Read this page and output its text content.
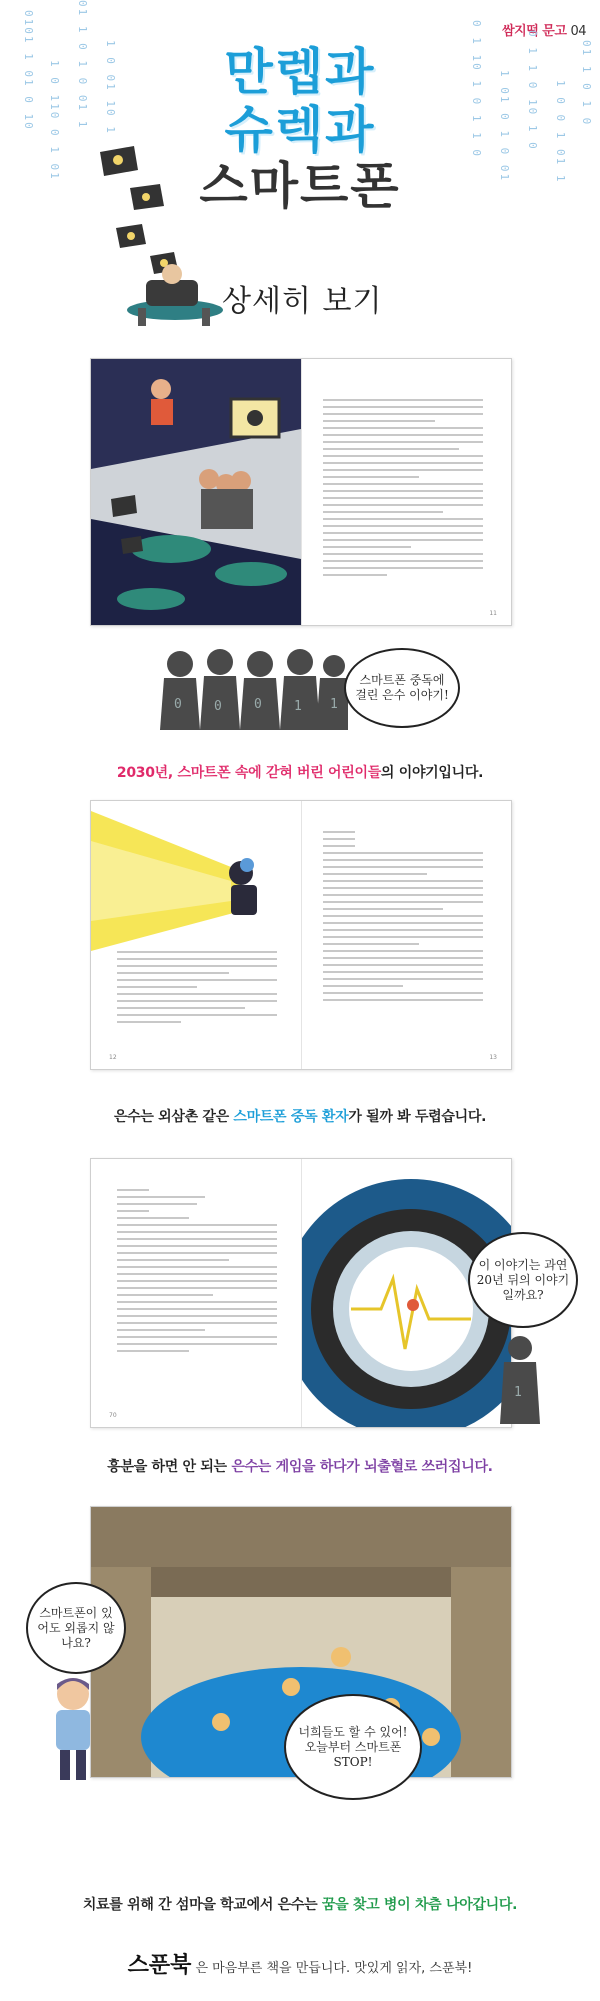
쌈지떡 문고 04
0101 1 01 0 10 1 0 110 0 1 01 01 1 0 1 0 01 1 1 0 01 10 1	0 1 10 1 0 1 1 0 1 01 0 1 0 01 0 1 1 0 10 1 0 1 0 0 1 01 1 01 1 0 1 0
만렙과
슈렉과
스마트폰
상세히 보기
11
0 0 0 1 1
스마트폰 중독에 걸린 은수 이야기!
2030년, 스마트폰 속에 갇혀 버린 어린이들의 이야기입니다.
12	13
은수는 외삼촌 같은 스마트폰 중독 환자가 될까 봐 두렵습니다.
70
이 이야기는 과연 20년 뒤의 이야기일까요?
1
흥분을 하면 안 되는 은수는 게임을 하다가 뇌출혈로 쓰러집니다.
스마트폰이 있어도 외롭지 않나요?
너희들도 할 수 있어! 오늘부터 스마트폰 STOP!
치료를 위해 간 섬마을 학교에서 은수는 꿈을 찾고 병이 차츰 나아갑니다.
스푼북 은 마음부른 책을 만듭니다. 맛있게 읽자, 스푼북!
